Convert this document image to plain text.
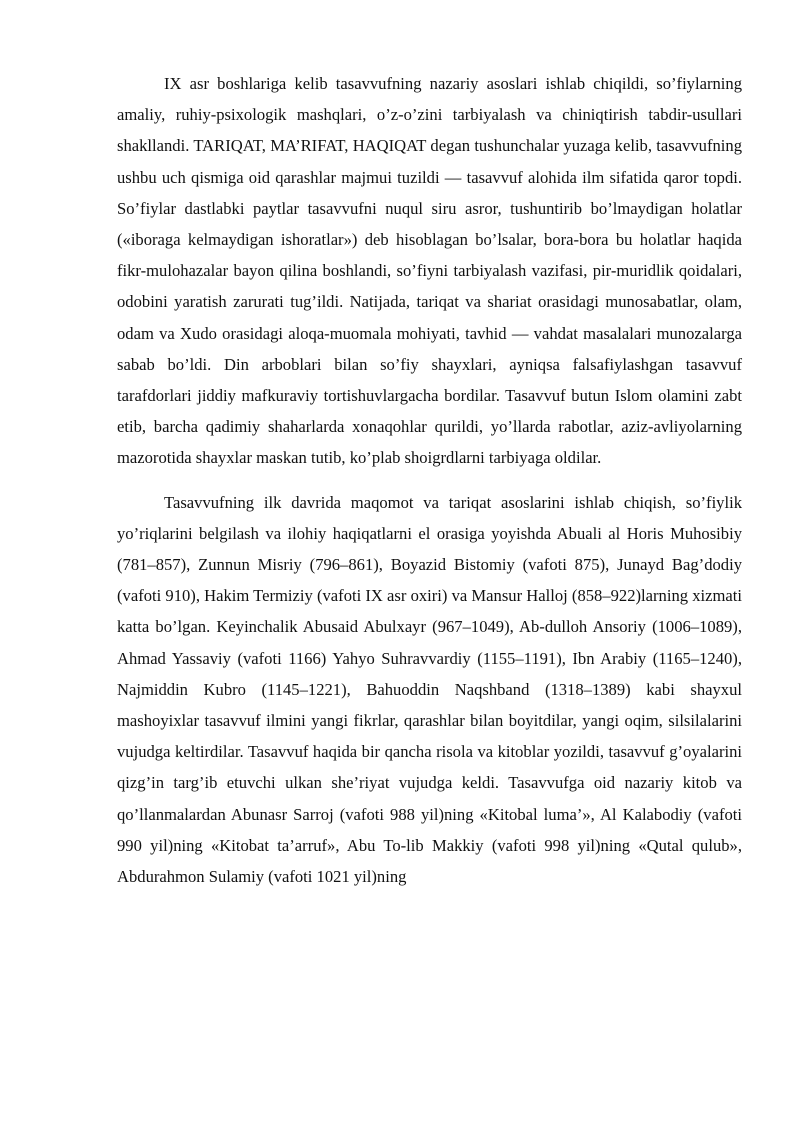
IX asr boshlariga kelib tasavvufning nazariy asoslari ishlab chiqildi, so’fiylarning amaliy, ruhiy-psixologik mashqlari, o’z-o’zini tarbiyalash va chiniqtirish tabdir-usullari shakllandi. TARIQAT, MA’RIFAT, HAQIQAT degan tushunchalar yuzaga kelib, tasavvufning ushbu uch qismiga oid qarashlar majmui tuzildi — tasavvuf alohida ilm sifatida qaror topdi. So’fiylar dastlabki paytlar tasavvufni nuqul siru asror, tushuntirib bo’lmaydigan holatlar («iboraga kelmaydigan ishoratlar») deb hisoblagan bo’lsalar, bora-bora bu holatlar haqida fikr-mulohazalar bayon qilina boshlandi, so’fiyni tarbiyalash vazifasi, pir-muridlik qoidalari, odobini yaratish zarurati tug’ildi. Natijada, tariqat va shariat orasidagi munosabatlar, olam, odam va Xudo orasidagi aloqa-muomala mohiyati, tavhid — vahdat masalalari munozalarga sabab bo’ldi. Din arboblari bilan so’fiy shayxlari, ayniqsa falsafiylashgan tasavvuf tarafdorlari jiddiy mafkuraviy tortishuvlargacha bordilar. Tasavvuf butun Islom olamini zabt etib, barcha qadimiy shaharlarda xonaqohlar qurildi, yo’llarda rabotlar, aziz-avliyolarning mazorotida shayxlar maskan tutib, ko’plab shoigrdlarni tarbiyaga oldilar.

Tasavvufning ilk davrida maqomot va tariqat asoslarini ishlab chiqish, so’fiylik yo’riqlarini belgilash va ilohiy haqiqatlarni el orasiga yoyishda Abuali al Horis Muhosibiy (781–857), Zunnun Misriy (796–861), Boyazid Bistomiy (vafoti 875), Junayd Bag’dodiy (vafoti 910), Hakim Termiziy (vafoti IX asr oxiri) va Mansur Halloj (858–922)larning xizmati katta bo’lgan. Keyinchalik Abusaid Abulxayr (967–1049), Ab-dulloh Ansoriy (1006–1089), Ahmad Yassaviy (vafoti 1166) Yahyo Suhravvardiy (1155–1191), Ibn Arabiy (1165–1240), Najmiddin Kubro (1145–1221), Bahuoddin Naqshband (1318–1389) kabi shayxul mashoyixlar tasavvuf ilmini yangi fikrlar, qarashlar bilan boyitdilar, yangi oqim, silsilalarini vujudga keltirdilar. Tasavvuf haqida bir qancha risola va kitoblar yozildi, tasavvuf g’oyalarini qizg’in targ’ib etuvchi ulkan she’riyat vujudga keldi. Tasavvufga oid nazariy kitob va qo’llanmalardan Abunasr Sarroj (vafoti 988 yil)ning «Kitobal luma’», Al Kalabodiy (vafoti 990 yil)ning «Kitobat ta’arruf», Abu To-lib Makkiy (vafoti 998 yil)ning «Qutal qulub», Abdurahmon Sulamiy (vafoti 1021 yil)ning
